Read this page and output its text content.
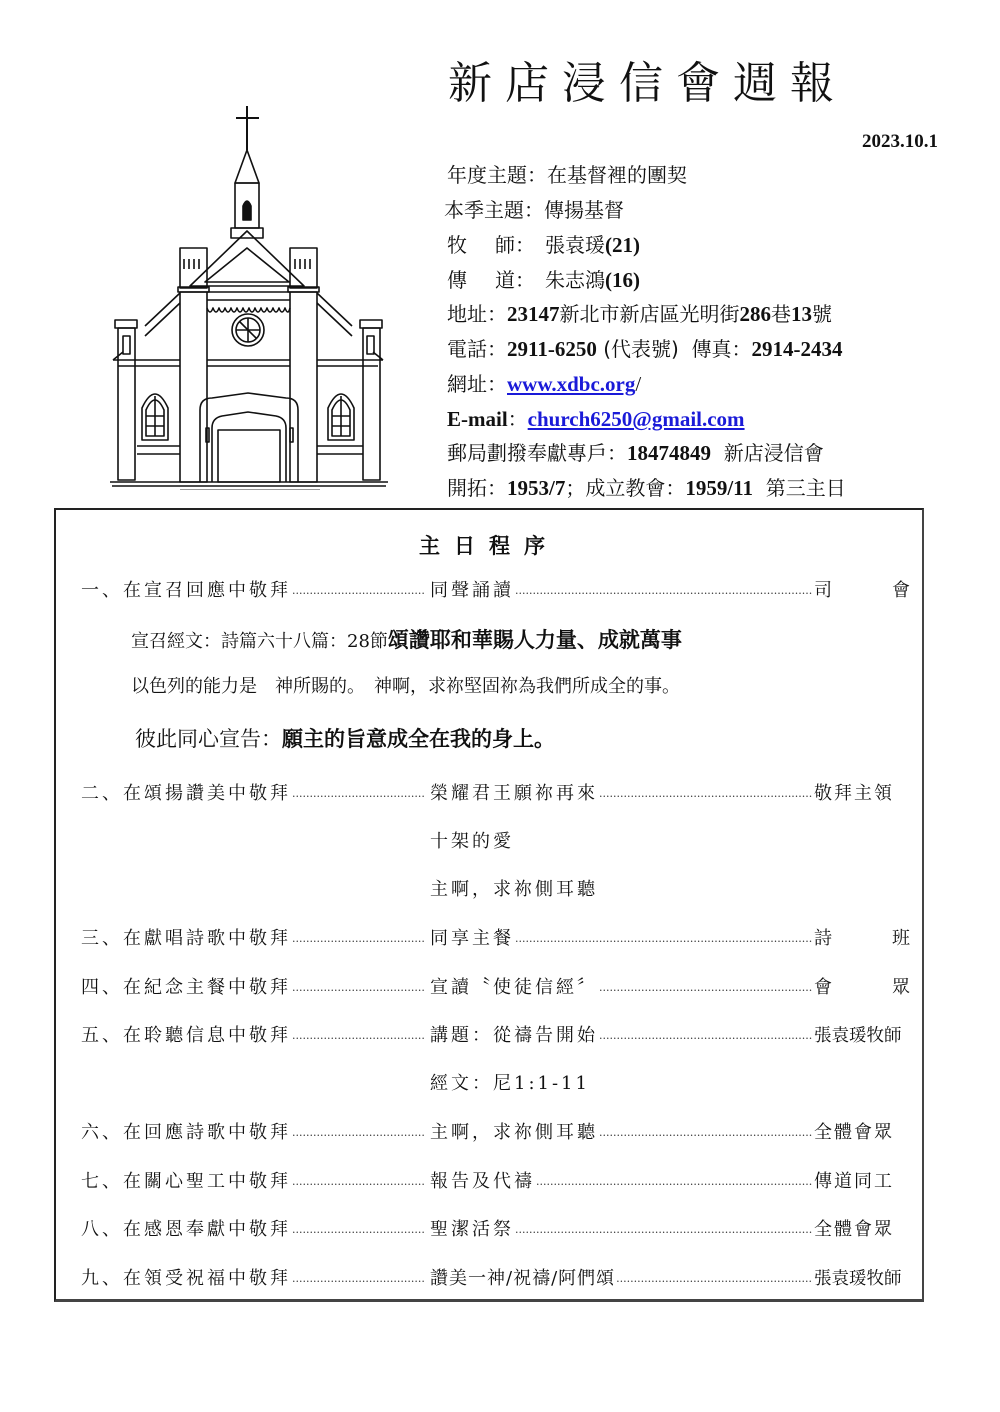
新店浸信會週報
2023.10.1
年度主題：在基督裡的團契
本季主題：傳揚基督
牧 師： 張袁瑗(21)
傳 道： 朱志鴻(16)
地址：23147新北市新店區光明街286巷13號
電話：2911-6250 (代表號)  傳真：2914-2434
網址：www.xdbc.org/
E-mail：church6250@gmail.com
郵局劃撥奉獻專戶：18474849  新店浸信會
開拓：1953/7；成立教會：1959/11  第三主日
主日程序
一、在宣召回應中敬拜 .....	同聲誦讀 .....	司	會
宣召經文：詩篇六十八篇：28節頌讚耶和華賜人力量、成就萬事
以色列的能力是　神所賜的。　神啊，求祢堅固祢為我們所成全的事。
彼此同心宣告：願主的旨意成全在我的身上。
二、在頌揚讚美中敬拜 .....	榮耀君王願祢再來 .....	敬拜主領
十架的愛
主啊，求祢側耳聽
三、在獻唱詩歌中敬拜 .....	同享主餐 .....	詩	班
四、在紀念主餐中敬拜 .....	宣讀〝使徒信經〞 .....	會	眾
五、在聆聽信息中敬拜 .....	講題：從禱告開始 .....	張袁瑗牧師
經文：尼1:1-11
六、在回應詩歌中敬拜 .....	主啊，求祢側耳聽 .....	全體會眾
七、在關心聖工中敬拜 .....	報告及代禱 .....	傳道同工
八、在感恩奉獻中敬拜 .....	聖潔活祭 .....	全體會眾
九、在領受祝福中敬拜 .....	讚美一神/祝禱/阿們頌 .....	張袁瑗牧師
